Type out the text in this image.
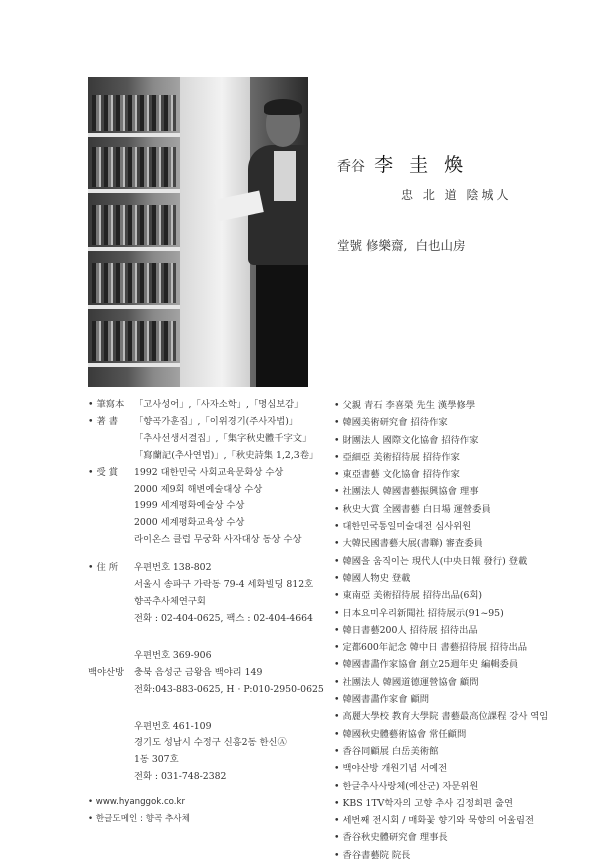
香谷 李 圭 煥
忠 北 道 陰城人
堂號 修樂齋, 白也山房
• 筆寫本	「고사성어」,「사자소학」,「명심보감」
• 著 書	「향곡가훈집」,「이위경기(주사자법)」
「추사선생서결집」,「集字秋史體千字文」
「寫蘭記(추사연법)」,「秋史詩集 1,2,3卷」
• 受 賞	1992 대한민국 사회교육문화상 수상
2000 제9회 해변예술대상 수상
1999 세계평화예술상 수상
2000 세계평화교육상 수상
라이온스 클럽 무궁화 사자대상 동상 수상
• 住 所	우편번호 138-802
서울시 송파구 가락동 79-4 세화빌딩 812호
향곡추사체연구회
전화 : 02-404-0625, 팩스 : 02-404-4664
백야산방
우편번호 369-906
충북 음성군 금왕읍 백야리 149
전화:043-883-0625, H · P:010-2950-0625
우편번호 461-109
경기도 성남시 수정구 신흥2동 한신Ⓐ
1동 307호
전화 : 031-748-2382
• www.hyanggok.co.kr
• 한글도메인 : 향곡 추사체
• 父親 青石 李喜榮 先生 漢學修學
• 韓國美術研究會 招待作家
• 財團法人 國際文化協會 招待作家
• 亞細亞 美術招待展 招待作家
• 東亞書藝 文化協會 招待作家
• 社團法人 韓國書藝振興協會 理事
• 秋史大賞 全國書藝 白日場 運營委員
• 대한민국통일미술대전 심사위원
• 大韓民國書藝大展(書聯) 審査委員
• 韓國을 움직이는 現代人(中央日報 發行) 登載
• 韓國人物史 登載
• 東南亞 美術招待展 招待出品(6회)
• 日本요미우리新聞社 招待展示(91~95)
• 韓日書藝200人 招待展 招待出品
• 定都600年記念 韓中日 書藝招待展 招待出品
• 韓國書畵作家協會 創立25週年史 編輯委員
• 社團法人 韓國道德運營協會 顧問
• 韓國書畵作家會 顧問
• 高麗大學校 教育大學院 書藝最高位課程 강사 역임
• 韓國秋史體藝術協會 常任顧問
• 香谷同顧展 白岳美術館
• 백야산방 개원기념 서예전
• 한글추사사랑체(예산군) 자문위원
• KBS 1TV학자의 고향 추사 김정희편 출연
• 세번째 전시회 / 매화꽃 향기와 묵향의 어울림전
• 香谷秋史體研究會 理事長
• 香谷書藝院 院長
